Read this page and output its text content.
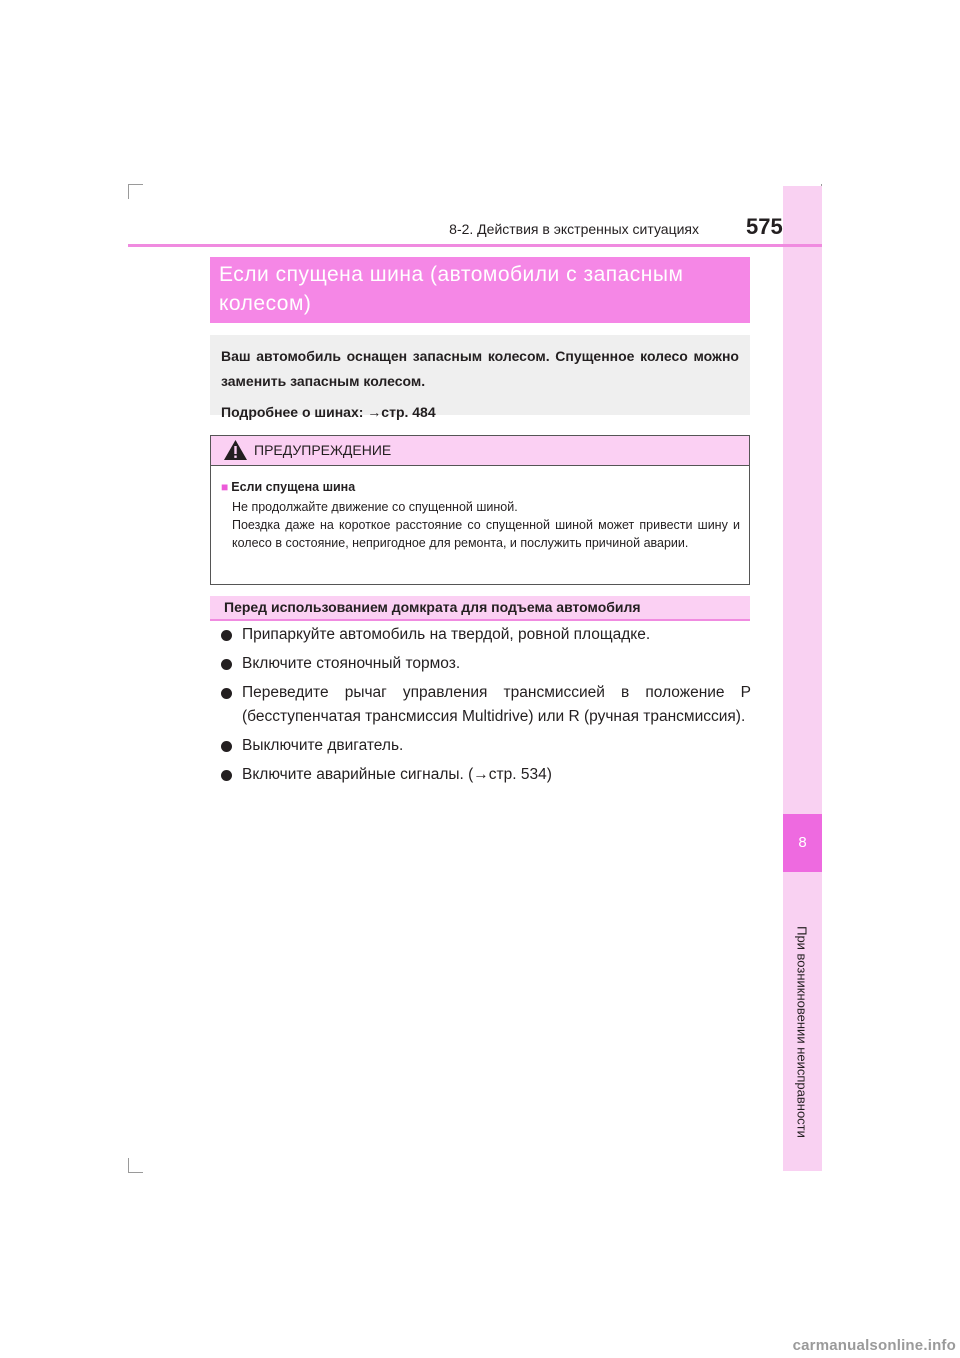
8
При возникновении неисправности
8-2. Действия в экстренных ситуациях 575
Если спущена шина (автомобили с запасным
колесом)

Ваш автомобиль оснащен запасным колесом. Спущенное колесо можно заменить запасным колесом.

Подробнее о шинах: →стр. 484

ПРЕДУПРЕЖДЕНИЕ
■ Если спущена шина
Не продолжайте движение со спущенной шиной.
Поездка даже на короткое расстояние со спущенной шиной может привести шину и колесо в состояние, непригодное для ремонта, и послужить причиной аварии.
Перед использованием домкрата для подъема автомобиля
Припаркуйте автомобиль на твердой, ровной площадке.
Включите стояночный тормоз.
Переведите рычаг управления трансмиссией в положение P (бесступенчатая трансмиссия Multidrive) или R (ручная трансмиссия).
Выключите двигатель.
Включите аварийные сигналы. (→стр. 534)
carmanualsonline.info
